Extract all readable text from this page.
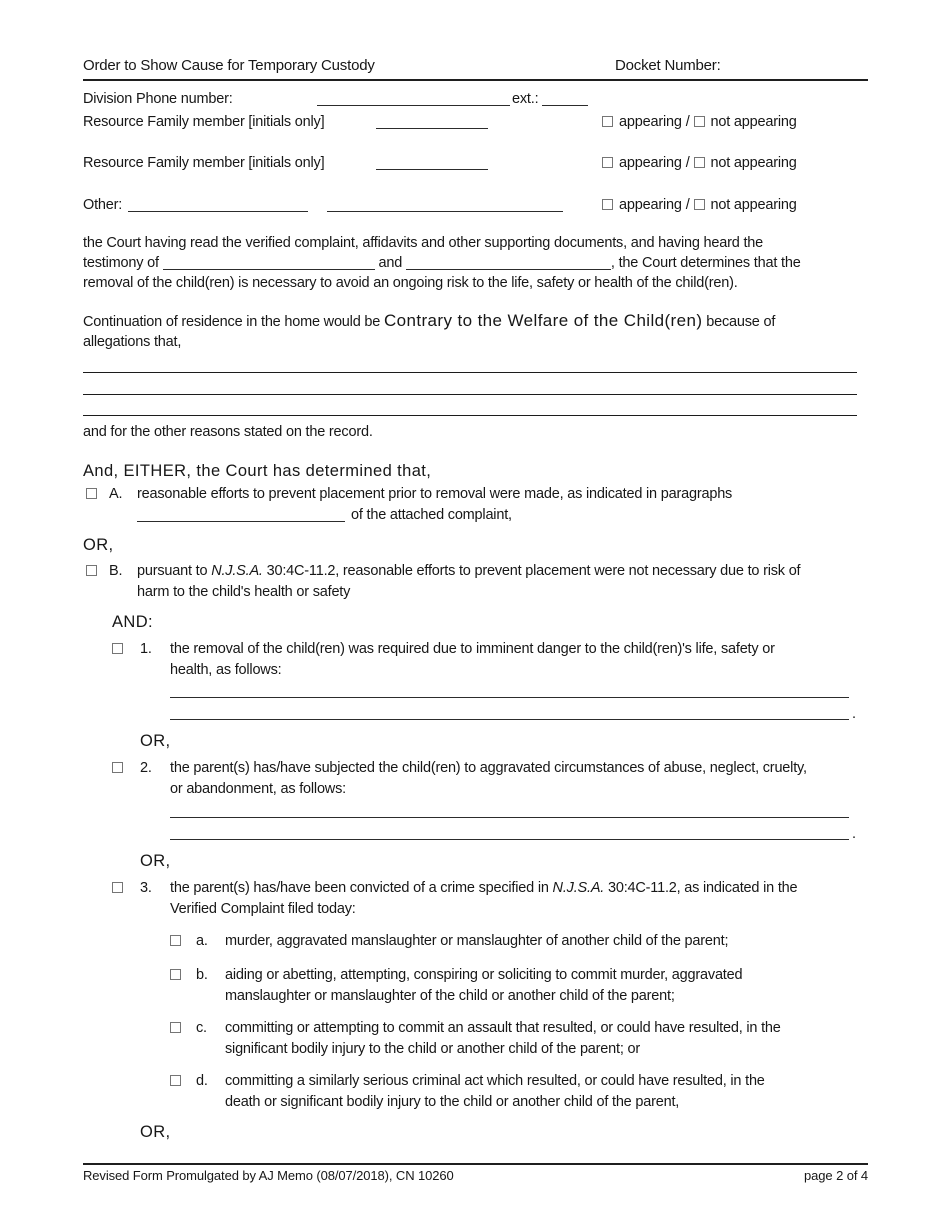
Order to Show Cause for Temporary Custody	Docket Number:
Division Phone number:	ext.:
Resource Family member [initials only]	appearing / not appearing
Resource Family member [initials only]	appearing / not appearing
Other:	appearing / not appearing
the Court having read the verified complaint, affidavits and other supporting documents, and having heard the
testimony of	and	, the Court determines that the
removal of the child(ren) is necessary to avoid an ongoing risk to the life, safety or health of the child(ren).
Continuation of residence in the home would be Contrary to the Welfare of the Child(ren) because of
allegations that,
and for the other reasons stated on the record.
And, EITHER, the Court has determined that,
A.	reasonable efforts to prevent placement prior to removal were made, as indicated in paragraphs
of the attached complaint,
OR,
B.	pursuant to N.J.S.A. 30:4C-11.2, reasonable efforts to prevent placement were not necessary due to risk of
harm to the child's health or safety
AND:
1.	the removal of the child(ren) was required due to imminent danger to the child(ren)'s life, safety or
health, as follows:
.
OR,
2.	the parent(s) has/have subjected the child(ren) to aggravated circumstances of abuse, neglect, cruelty,
or abandonment, as follows:
.
OR,
3.	the parent(s) has/have been convicted of a crime specified in N.J.S.A. 30:4C-11.2, as indicated in the
Verified Complaint filed today:
a.	murder, aggravated manslaughter or manslaughter of another child of the parent;
b.	aiding or abetting, attempting, conspiring or soliciting to commit murder, aggravated
manslaughter or manslaughter of the child or another child of the parent;
c.	committing or attempting to commit an assault that resulted, or could have resulted, in the
significant bodily injury to the child or another child of the parent; or
d.	committing a similarly serious criminal act which resulted, or could have resulted, in the
death or significant bodily injury to the child or another child of the parent,
OR,
Revised Form Promulgated by AJ Memo (08/07/2018), CN 10260	page 2 of 4
